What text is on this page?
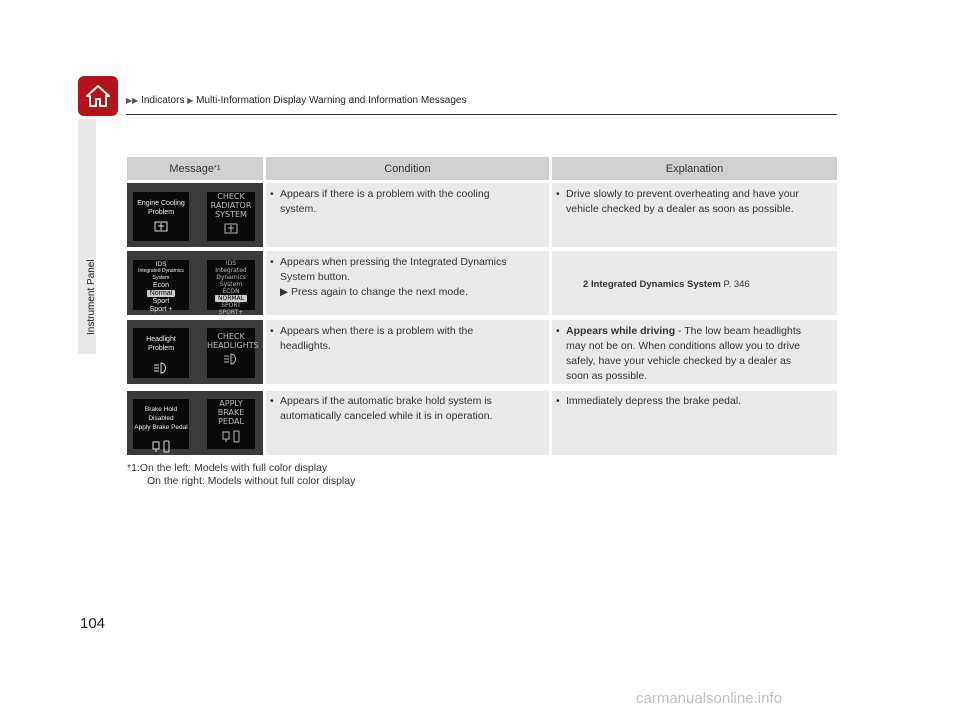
▶▶ Indicators ▶ Multi-Information Display Warning and Information Messages
Instrument Panel
Message *1	Condition	Explanation
Engine Cooling
Problem
CHECK
RADIATOR
SYSTEM
• Appears if there is a problem with the cooling
system.
• Drive slowly to prevent overheating and have your
vehicle checked by a dealer as soon as possible.
IDS
Integrated Dynamics System
Econ
Normal
Sport
Sport +
IDS
Integrated
Dynamics System
ECON
NORMAL
SPORT
SPORT+
• Appears when pressing the Integrated Dynamics
System button.
▶ Press again to change the next mode.
2 Integrated Dynamics System P. 346
Headlight Problem
CHECK
HEADLIGHTS
• Appears when there is a problem with the
headlights.
• Appears while driving - The low beam headlights
may not be on. When conditions allow you to drive
safely, have your vehicle checked by a dealer as
soon as possible.
Brake Hold Disabled
Apply Brake Pedal
APPLY
BRAKE
PEDAL
• Appears if the automatic brake hold system is
automatically canceled while it is in operation.
• Immediately depress the brake pedal.
*1:On the left: Models with full color display
On the right: Models without full color display
104
carmanualsonline.info
